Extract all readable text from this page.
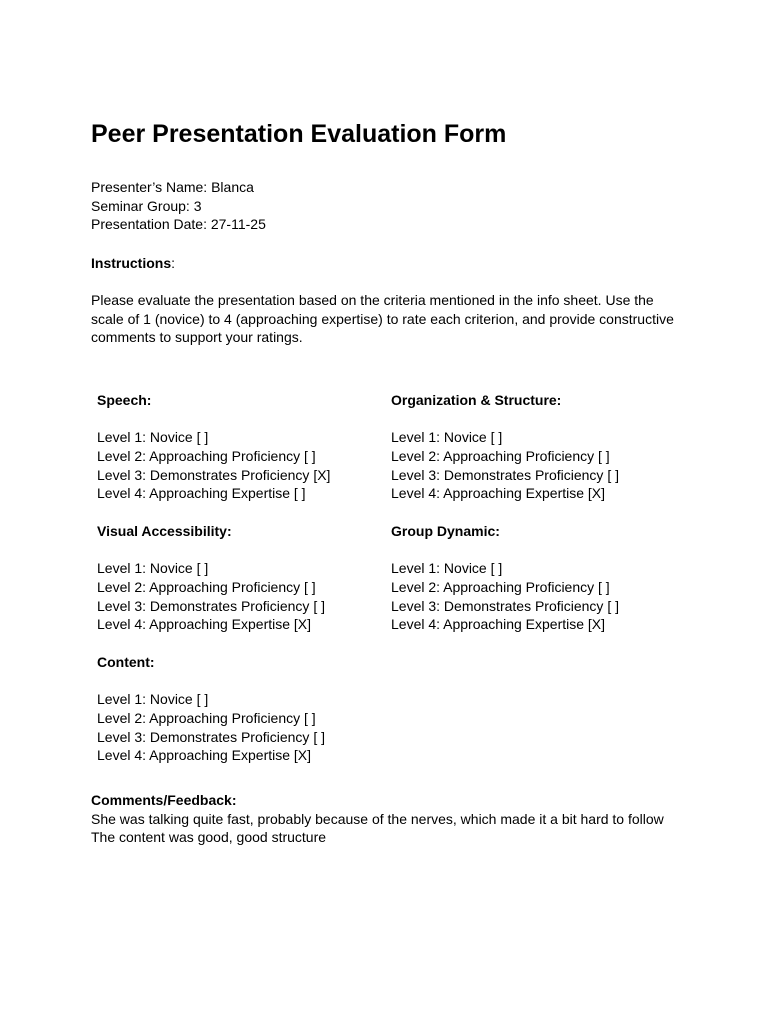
Peer Presentation Evaluation Form
Presenter’s Name: Blanca
Seminar Group: 3
Presentation Date: 27-11-25
Instructions:

Please evaluate the presentation based on the criteria mentioned in the info sheet. Use the scale of 1 (novice) to 4 (approaching expertise) to rate each criterion, and provide constructive comments to support your ratings.

Speech:
Level 1: Novice [ ]
Level 2: Approaching Proficiency [ ]
Level 3: Demonstrates Proficiency [X]
Level 4: Approaching Expertise [ ]
Organization & Structure:
Level 1: Novice [ ]
Level 2: Approaching Proficiency [ ]
Level 3: Demonstrates Proficiency [ ]
Level 4: Approaching Expertise [X]
Visual Accessibility:
Level 1: Novice [ ]
Level 2: Approaching Proficiency [ ]
Level 3: Demonstrates Proficiency [ ]
Level 4: Approaching Expertise [X]
Group Dynamic:
Level 1: Novice [ ]
Level 2: Approaching Proficiency [ ]
Level 3: Demonstrates Proficiency [ ]
Level 4: Approaching Expertise [X]
Content:
Level 1: Novice [ ]
Level 2: Approaching Proficiency [ ]
Level 3: Demonstrates Proficiency [ ]
Level 4: Approaching Expertise [X]
Comments/Feedback:
She was talking quite fast, probably because of the nerves, which made it a bit hard to follow
The content was good, good structure
